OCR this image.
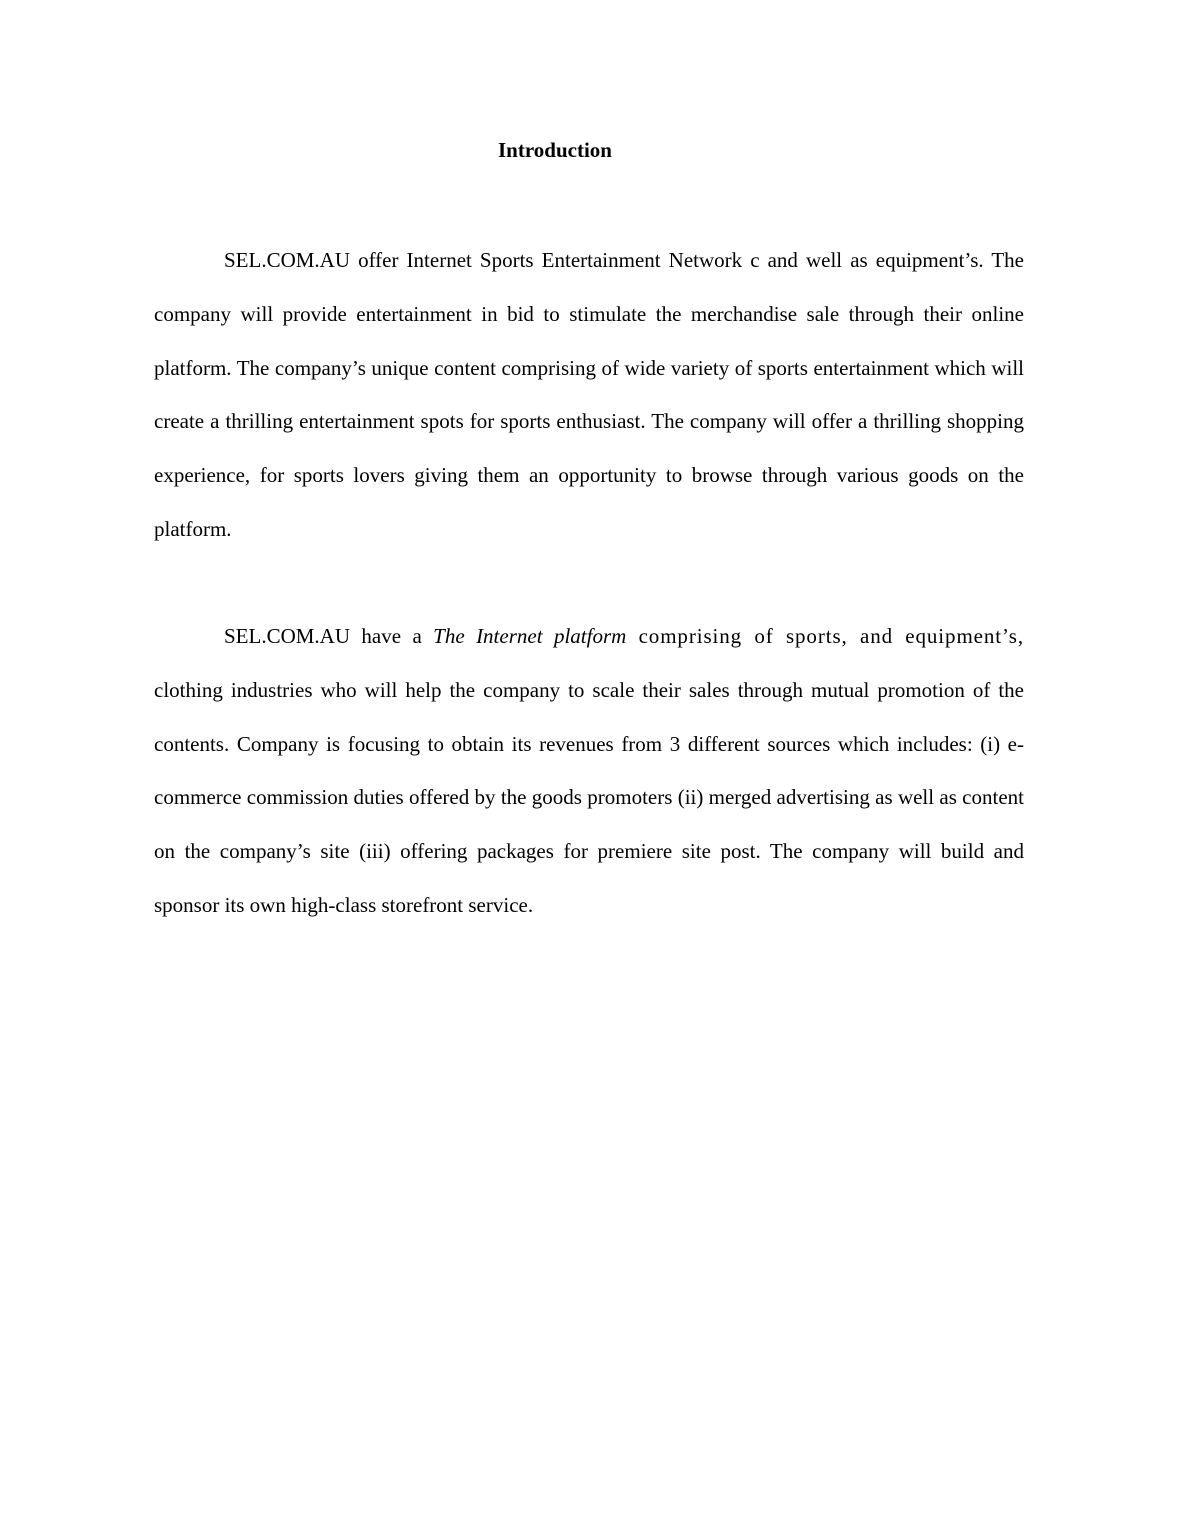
Introduction

SEL.COM.AU offer Internet Sports Entertainment Network c and well as equipment’s. The company will provide entertainment in bid to stimulate the merchandise sale through their online platform. The company’s unique content comprising of wide variety of sports entertainment which will create a thrilling entertainment spots for sports enthusiast. The company will offer a thrilling shopping experience, for sports lovers giving them an opportunity to browse through various goods on the platform.

SEL.COM.AU have a The Internet platform comprising of sports, and equipment’s, clothing industries who will help the company to scale their sales through mutual promotion of the contents. Company is focusing to obtain its revenues from 3 different sources which includes: (i) e-commerce commission duties offered by the goods promoters (ii) merged advertising as well as content on the company’s site (iii) offering packages for premiere site post. The company will build and sponsor its own high-class storefront service.
